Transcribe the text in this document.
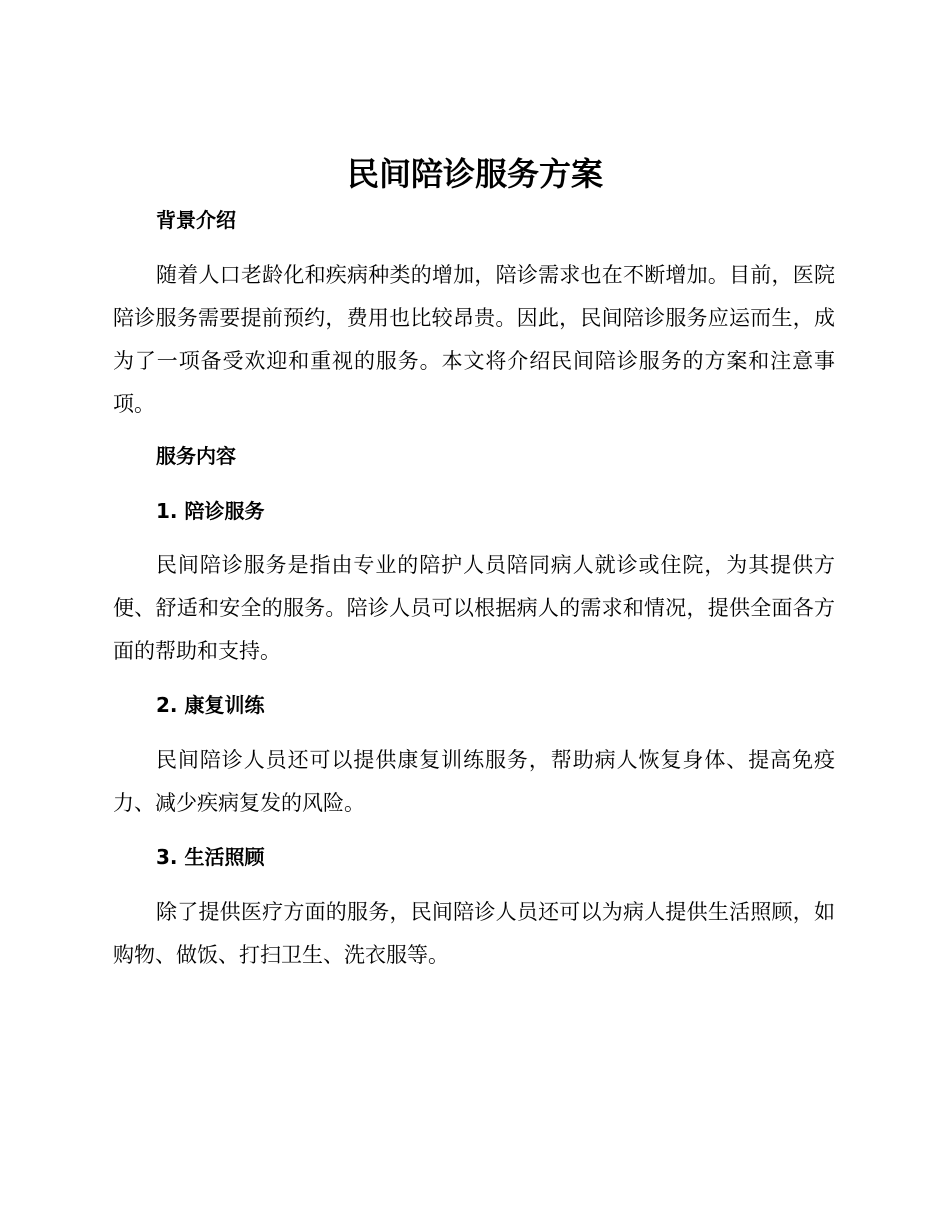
民间陪诊服务方案
背景介绍
随着人口老龄化和疾病种类的增加，陪诊需求也在不断增加。目前，医院陪诊服务需要提前预约，费用也比较昂贵。因此，民间陪诊服务应运而生，成为了一项备受欢迎和重视的服务。本文将介绍民间陪诊服务的方案和注意事项。
服务内容
1. 陪诊服务
民间陪诊服务是指由专业的陪护人员陪同病人就诊或住院，为其提供方便、舒适和安全的服务。陪诊人员可以根据病人的需求和情况，提供全面各方面的帮助和支持。
2. 康复训练
民间陪诊人员还可以提供康复训练服务，帮助病人恢复身体、提高免疫力、减少疾病复发的风险。
3. 生活照顾
除了提供医疗方面的服务，民间陪诊人员还可以为病人提供生活照顾，如购物、做饭、打扫卫生、洗衣服等。
